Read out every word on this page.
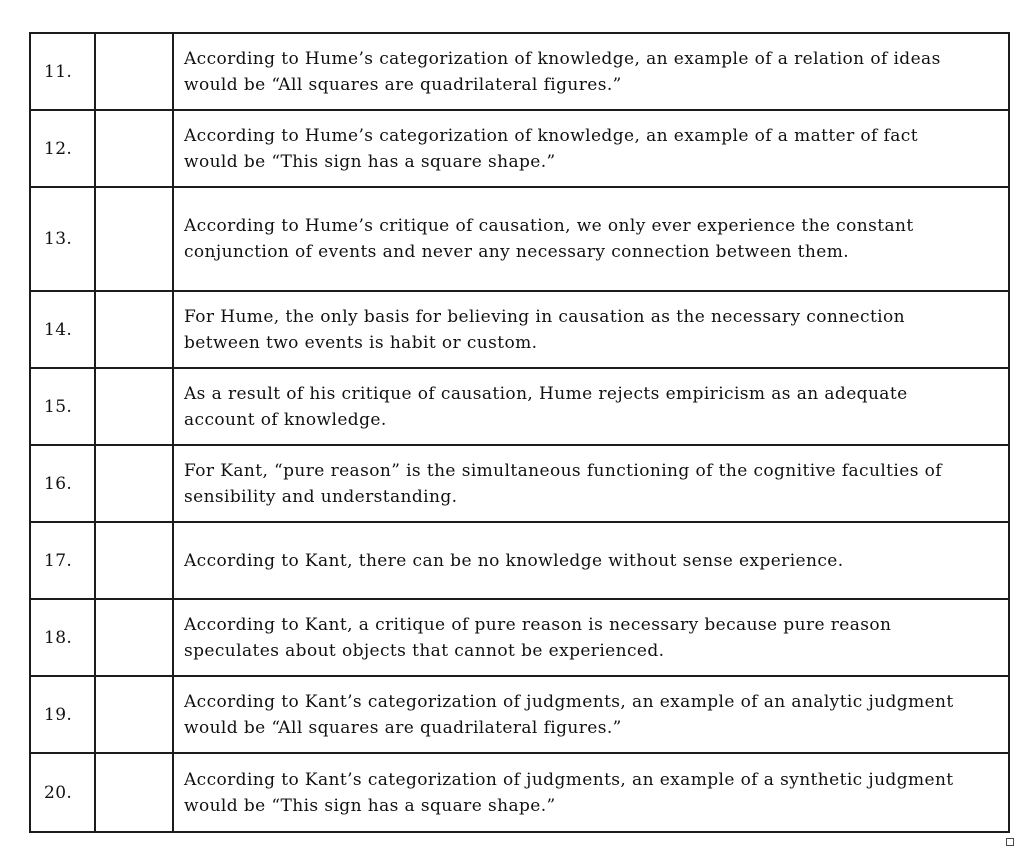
11.		According to Hume’s categorization of knowledge, an example of a relation of ideas would be “All squares are quadrilateral figures.”
12.		According to Hume’s categorization of knowledge, an example of a matter of fact would be “This sign has a square shape.”
13.		According to Hume’s critique of causation, we only ever experience the constant conjunction of events and never any necessary connection between them.
14.		For Hume, the only basis for believing in causation as the necessary connection between two events is habit or custom.
15.		As a result of his critique of causation, Hume rejects empiricism as an adequate account of knowledge.
16.		For Kant, “pure reason” is the simultaneous functioning of the cognitive faculties of sensibility and understanding.
17.		According to Kant, there can be no knowledge without sense experience.
18.		According to Kant, a critique of pure reason is necessary because pure reason speculates about objects that cannot be experienced.
19.		According to Kant’s categorization of judgments, an example of an analytic judgment would be “All squares are quadrilateral figures.”
20.		According to Kant’s categorization of judgments, an example of a synthetic judgment would be “This sign has a square shape.”
